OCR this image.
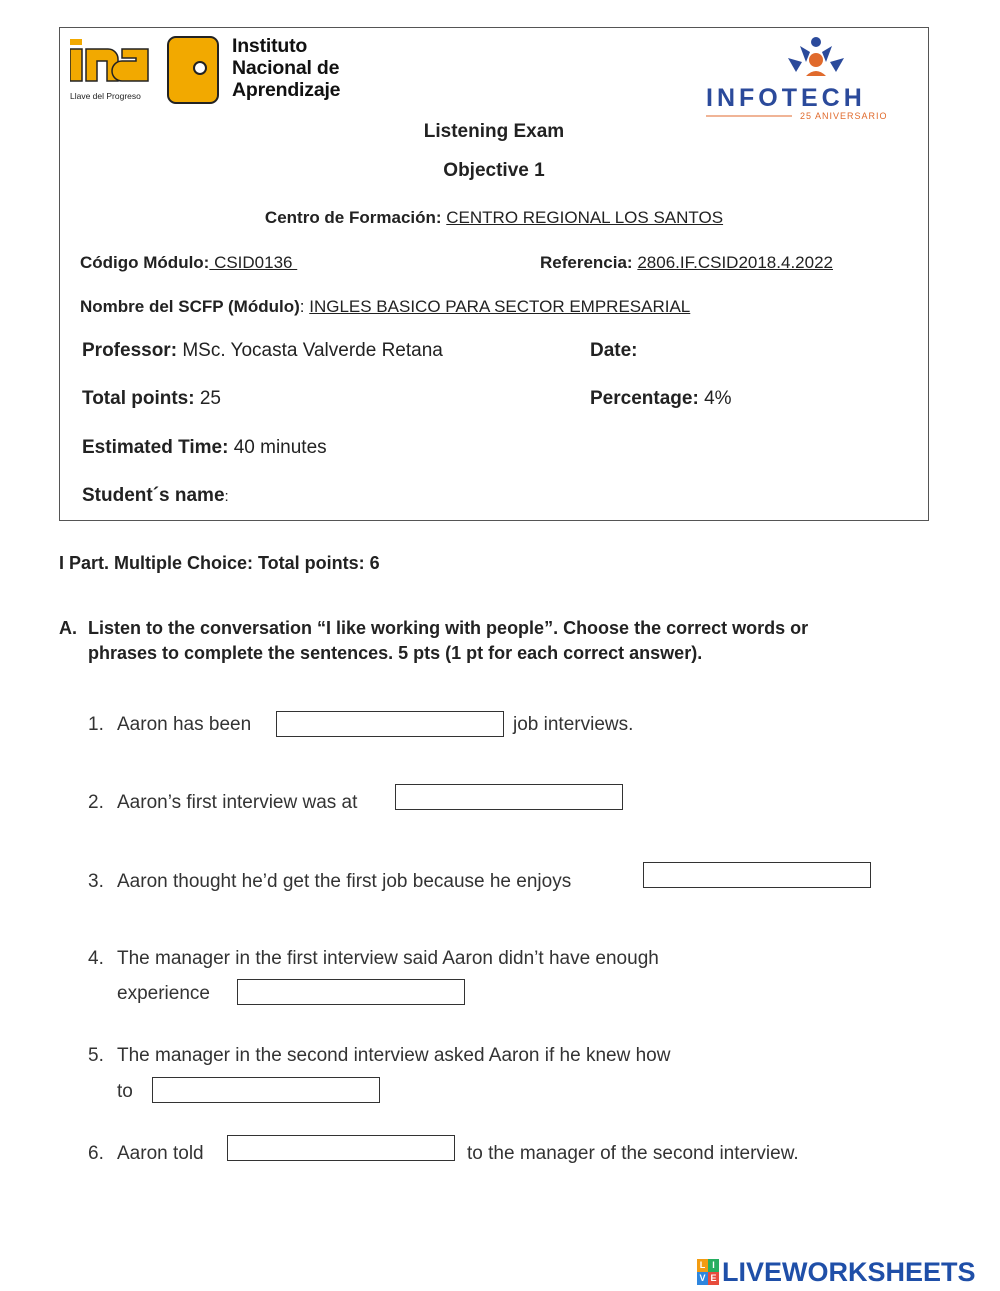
Llave del Progreso
Instituto
Nacional de
Aprendizaje	INFOTECH
25 ANIVERSARIO
Listening Exam
Objective 1
Centro de Formación: CENTRO REGIONAL LOS SANTOS
Código Módulo: CSID0136	Referencia: 2806.IF.CSID2018.4.2022
Nombre del SCFP (Módulo): INGLES BASICO PARA SECTOR EMPRESARIAL
Professor: MSc. Yocasta Valverde Retana	Date:
Total points: 25	Percentage: 4%
Estimated Time: 40 minutes
Student´s name:
I Part. Multiple Choice: Total points: 6
A. Listen to the conversation “I like working with people”. Choose the correct words or
phrases to complete the sentences. 5 pts (1 pt for each correct answer).
1. Aaron has been	job interviews.
2. Aaron’s first interview was at
3. Aaron thought he’d get the first job because he enjoys
4. The manager in the first interview said Aaron didn’t have enough
experience
5. The manager in the second interview asked Aaron if he knew how
to
6. Aaron told	to the manager of the second interview.
L I
V E LIVEWORKSHEETS
